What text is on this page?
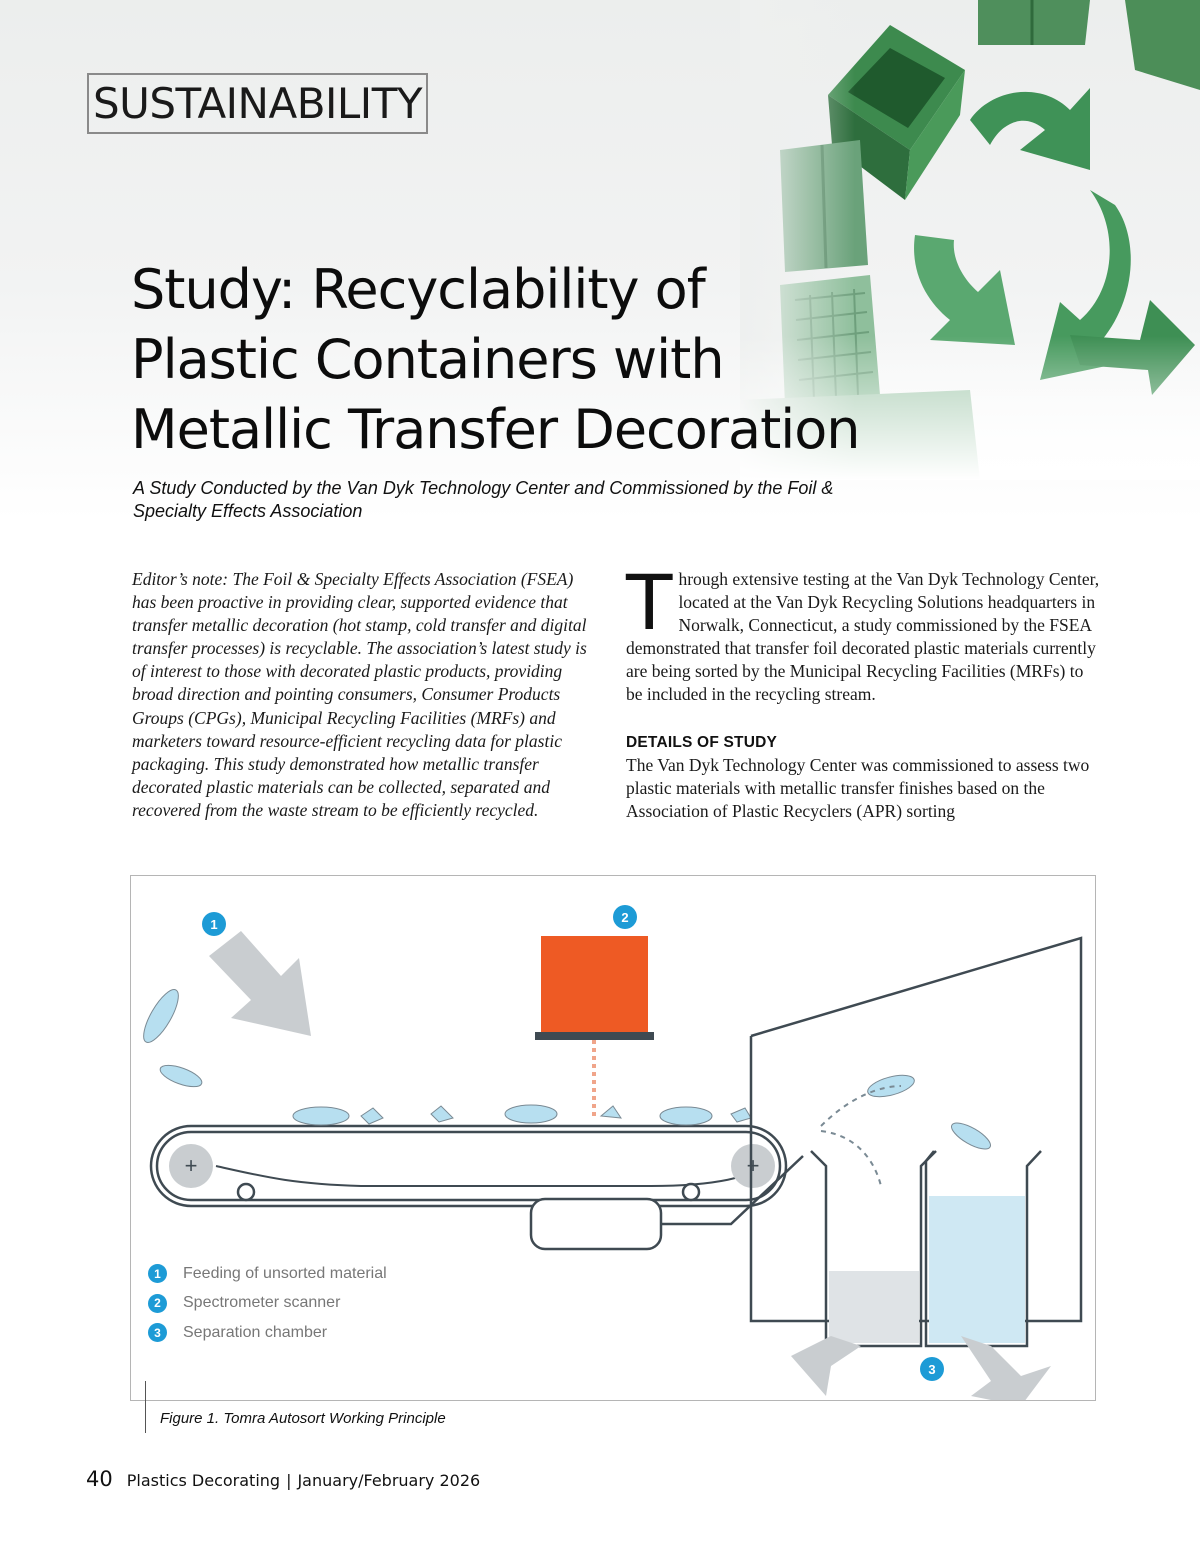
SUSTAINABILITY
Study: Recyclability of
Plastic Containers with
Metallic Transfer Decoration

A Study Conducted by the Van Dyk Technology Center and Commissioned by the Foil & Specialty Effects Association

Editor’s note: The Foil & Specialty Effects Association (FSEA) has been proactive in providing clear, supported evidence that transfer metallic decoration (hot stamp, cold transfer and digital transfer processes) is recyclable. The association’s latest study is of interest to those with decorated plastic products, providing broad direction and pointing consumers, Consumer Products Groups (CPGs), Municipal Recycling Facilities (MRFs) and marketers toward resource-efficient recycling data for plastic packaging. This study demonstrated how metallic transfer decorated plastic materials can be collected, separated and recovered from the waste stream to be efficiently recycled.

Through extensive testing at the Van Dyk Technology Center, located at the Van Dyk Recycling Solutions headquarters in Norwalk, Connecticut, a study commissioned by the FSEA demonstrated that transfer foil decorated plastic materials currently are being sorted by the Municipal Recycling Facilities (MRFs) to be included in the recycling stream.

DETAILS OF STUDY

The Van Dyk Technology Center was commissioned to assess two plastic materials with metallic transfer finishes based on the Association of Plastic Recyclers (APR) sorting

+	+
1	2
3
1	Feeding of unsorted material
2	Spectrometer scanner
3	Separation chamber

Figure 1. Tomra Autosort Working Principle

40 Plastics Decorating | January/February 2026
